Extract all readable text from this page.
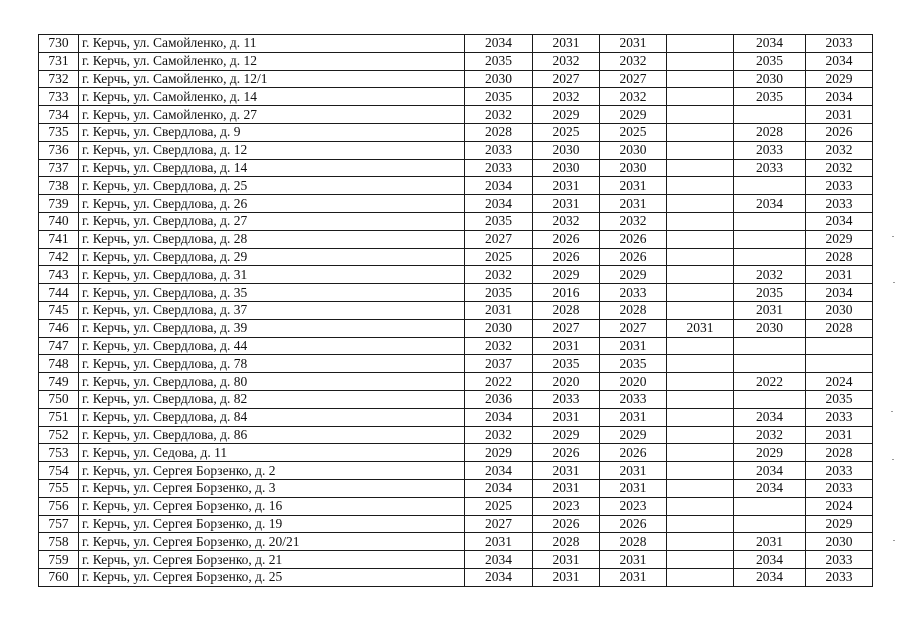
730	г. Керчь, ул. Самойленко, д. 11	2034	2031	2031		2034	2033
731	г. Керчь, ул. Самойленко, д. 12	2035	2032	2032		2035	2034
732	г. Керчь, ул. Самойленко, д. 12/1	2030	2027	2027		2030	2029
733	г. Керчь, ул. Самойленко, д. 14	2035	2032	2032		2035	2034
734	г. Керчь, ул. Самойленко, д. 27	2032	2029	2029			2031
735	г. Керчь, ул. Свердлова, д. 9	2028	2025	2025		2028	2026
736	г. Керчь, ул. Свердлова, д. 12	2033	2030	2030		2033	2032
737	г. Керчь, ул. Свердлова, д. 14	2033	2030	2030		2033	2032
738	г. Керчь, ул. Свердлова, д. 25	2034	2031	2031			2033
739	г. Керчь, ул. Свердлова, д. 26	2034	2031	2031		2034	2033
740	г. Керчь, ул. Свердлова, д. 27	2035	2032	2032			2034
741	г. Керчь, ул. Свердлова, д. 28	2027	2026	2026			2029
742	г. Керчь, ул. Свердлова, д. 29	2025	2026	2026			2028
743	г. Керчь, ул. Свердлова, д. 31	2032	2029	2029		2032	2031
744	г. Керчь, ул. Свердлова, д. 35	2035	2016	2033		2035	2034
745	г. Керчь, ул. Свердлова, д. 37	2031	2028	2028		2031	2030
746	г. Керчь, ул. Свердлова, д. 39	2030	2027	2027	2031	2030	2028
747	г. Керчь, ул. Свердлова, д. 44	2032	2031	2031			
748	г. Керчь, ул. Свердлова, д. 78	2037	2035	2035			
749	г. Керчь, ул. Свердлова, д. 80	2022	2020	2020		2022	2024
750	г. Керчь, ул. Свердлова, д. 82	2036	2033	2033			2035
751	г. Керчь, ул. Свердлова, д. 84	2034	2031	2031		2034	2033
752	г. Керчь, ул. Свердлова, д. 86	2032	2029	2029		2032	2031
753	г. Керчь, ул. Седова, д. 11	2029	2026	2026		2029	2028
754	г. Керчь, ул. Сергея Борзенко, д. 2	2034	2031	2031		2034	2033
755	г. Керчь, ул. Сергея Борзенко, д. 3	2034	2031	2031		2034	2033
756	г. Керчь, ул. Сергея Борзенко, д. 16	2025	2023	2023			2024
757	г. Керчь, ул. Сергея Борзенко, д. 19	2027	2026	2026			2029
758	г. Керчь, ул. Сергея Борзенко, д. 20/21	2031	2028	2028		2031	2030
759	г. Керчь, ул. Сергея Борзенко, д. 21	2034	2031	2031		2034	2033
760	г. Керчь, ул. Сергея Борзенко, д. 25	2034	2031	2031		2034	2033
